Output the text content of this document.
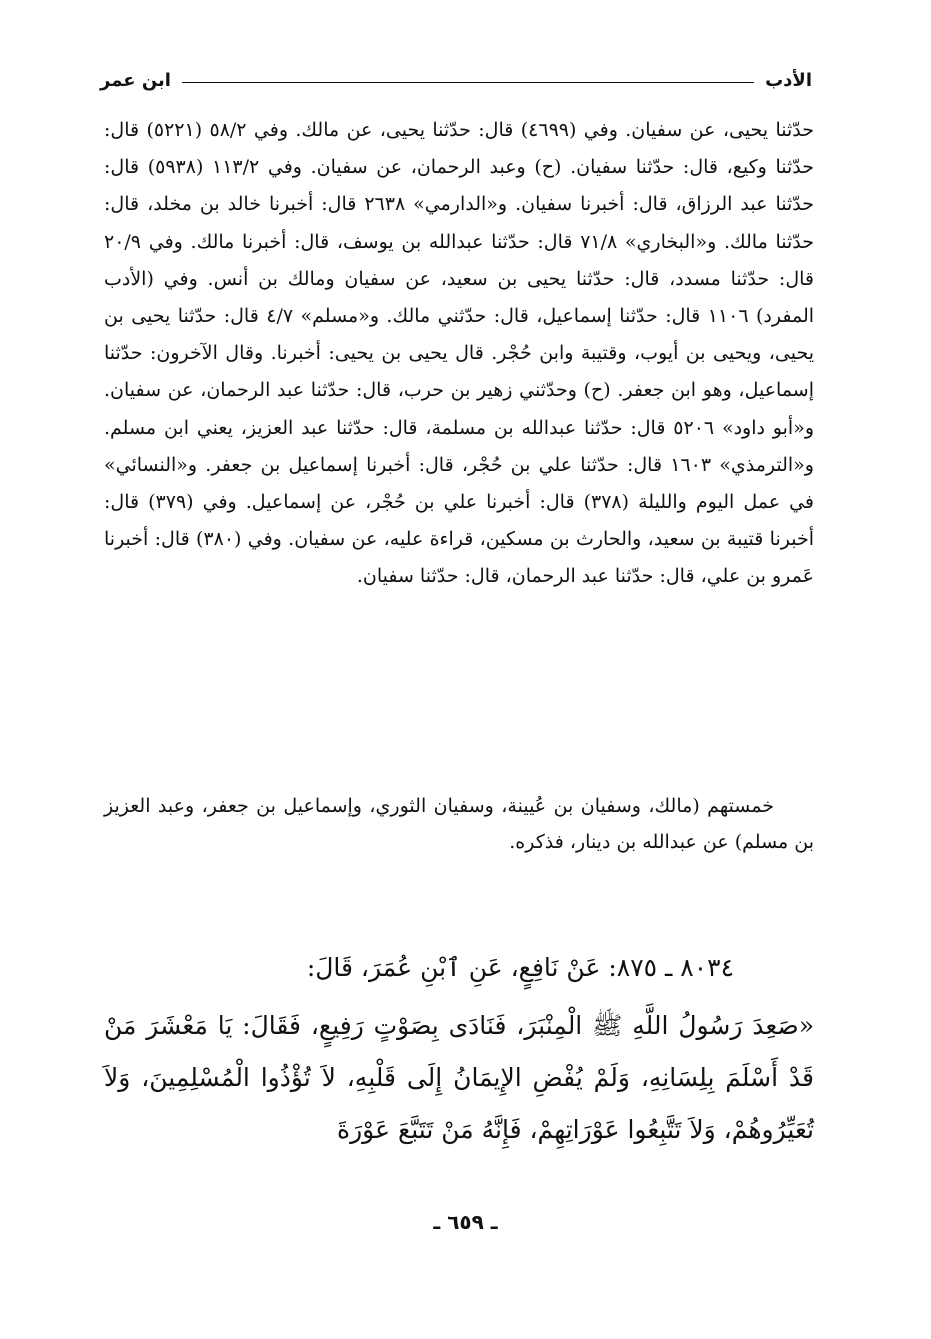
الأدب
ابن عمر

حدّثنا يحيى، عن سفيان. وفي (٤٦٩٩) قال: حدّثنا يحيى، عن مالك. وفي ٥٨/٢ (٥٢٢١) قال: حدّثنا وكيع، قال: حدّثنا سفيان. (ح) وعبد الرحمان، عن سفيان. وفي ١١٣/٢ (٥٩٣٨) قال: حدّثنا عبد الرزاق، قال: أخبرنا سفيان. و«الدارمي» ٢٦٣٨ قال: أخبرنا خالد بن مخلد، قال: حدّثنا مالك. و«البخاري» ٧١/٨ قال: حدّثنا عبدالله بن يوسف، قال: أخبرنا مالك. وفي ٢٠/٩ قال: حدّثنا مسدد، قال: حدّثنا يحيى بن سعيد، عن سفيان ومالك بن أنس. وفي (الأدب المفرد) ١١٠٦ قال: حدّثنا إسماعيل، قال: حدّثني مالك. و«مسلم» ٤/٧ قال: حدّثنا يحيى بن يحيى، ويحيى بن أيوب، وقتيبة وابن حُجْر. قال يحيى بن يحيى: أخبرنا. وقال الآخرون: حدّثنا إسماعيل، وهو ابن جعفر. (ح) وحدّثني زهير بن حرب، قال: حدّثنا عبد الرحمان، عن سفيان. و«أبو داود» ٥٢٠٦ قال: حدّثنا عبدالله بن مسلمة، قال: حدّثنا عبد العزيز، يعني ابن مسلم. و«الترمذي» ١٦٠٣ قال: حدّثنا علي بن حُجْر، قال: أخبرنا إسماعيل بن جعفر. و«النسائي» في عمل اليوم والليلة (٣٧٨) قال: أخبرنا علي بن حُجْر، عن إسماعيل. وفي (٣٧٩) قال: أخبرنا قتيبة بن سعيد، والحارث بن مسكين، قراءة عليه، عن سفيان. وفي (٣٨٠) قال: أخبرنا عَمرو بن علي، قال: حدّثنا عبد الرحمان، قال: حدّثنا سفيان.

خمستهم (مالك، وسفيان بن عُيينة، وسفيان الثوري، وإسماعيل بن جعفر، وعبد العزيز بن مسلم) عن عبدالله بن دينار، فذكره.

٨٠٣٤ ـ ٨٧٥: عَنْ نَافِعٍ، عَنِ ٱبْنِ عُمَرَ، قَالَ:

«صَعِدَ رَسُولُ اللَّهِ ﷺ الْمِنْبَرَ، فَنَادَى بِصَوْتٍ رَفِيعٍ، فَقَالَ: يَا مَعْشَرَ مَنْ قَدْ أَسْلَمَ بِلِسَانِهِ، وَلَمْ يُفْضِ الإِيمَانُ إِلَى قَلْبِهِ، لاَ تُؤْذُوا الْمُسْلِمِينَ، وَلاَ تُعَيِّرُوهُمْ، وَلاَ تَتَّبِعُوا عَوْرَاتِهِمْ، فَإِنَّهُ مَنْ تَتَبَّعَ عَوْرَةَ

ـ ٦٥٩ ـ
